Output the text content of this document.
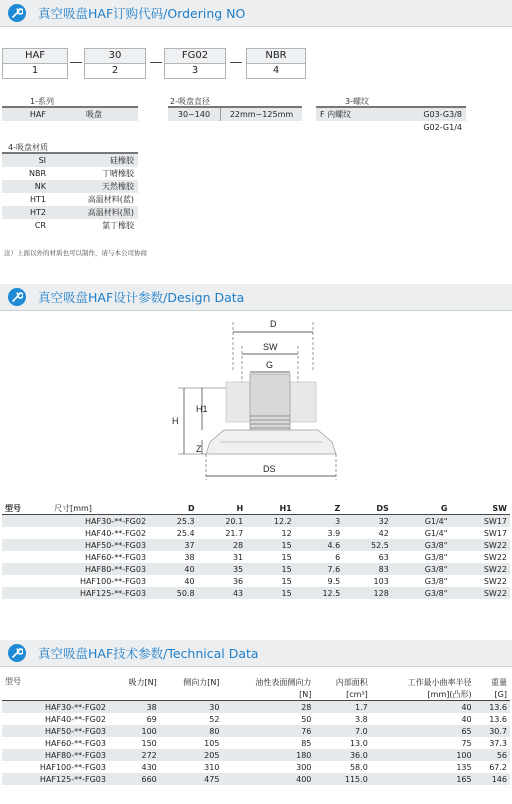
真空吸盘HAF订购代码/Ordering NO
HAF
1
30
2
FG02
3
NBR
4
1-系列
HAF	吸盘
2-吸盘直径
30~140	22mm~125mm
3-螺纹
F 内螺纹	G03-G3/8
	G02-G1/4
4-吸盘材质
SI	硅橡胶
NBR	丁晴橡胶
NK	天然橡胶
HT1	高温材料(蓝)
HT2	高温材料(黑)
CR	氯丁橡胶
注）上面以外的材质也可以制作，请与本公司协商
真空吸盘HAF设计参数/Design Data
D
SW
G
H
H1
Z
DS
型号	尺寸[mm]	D	H	H1	Z	DS	G	SW
HAF30-**-FG02		25.3	20.1	12.2	3	32	G1/4"	SW17
HAF40-**-FG02		25.4	21.7	12	3.9	42	G1/4"	SW17
HAF50-**-FG03		37	28	15	4.6	52.5	G3/8"	SW22
HAF60-**-FG03		38	31	15	6	63	G3/8"	SW22
HAF80-**-FG03		40	35	15	7.6	83	G3/8"	SW22
HAF100-**-FG03		40	36	15	9.5	103	G3/8"	SW22
HAF125-**-FG03		50.8	43	15	12.5	128	G3/8"	SW22
真空吸盘HAF技术参数/Technical Data
型号	吸力[N]	侧向力[N]	油性表面侧向力	内部面积	工作最小曲率半径	重量
			[N]	[cm³]	[mm](凸形)	[G]
HAF30-**-FG02	38	30	28	1.7	40	13.6
HAF40-**-FG02	69	52	50	3.8	40	13.6
HAF50-**-FG03	100	80	76	7.0	65	30.7
HAF60-**-FG03	150	105	85	13.0	75	37.3
HAF80-**-FG03	272	205	180	36.0	100	56
HAF100-**-FG03	430	310	300	58.0	135	67.2
HAF125-**-FG03	660	475	400	115.0	165	146
